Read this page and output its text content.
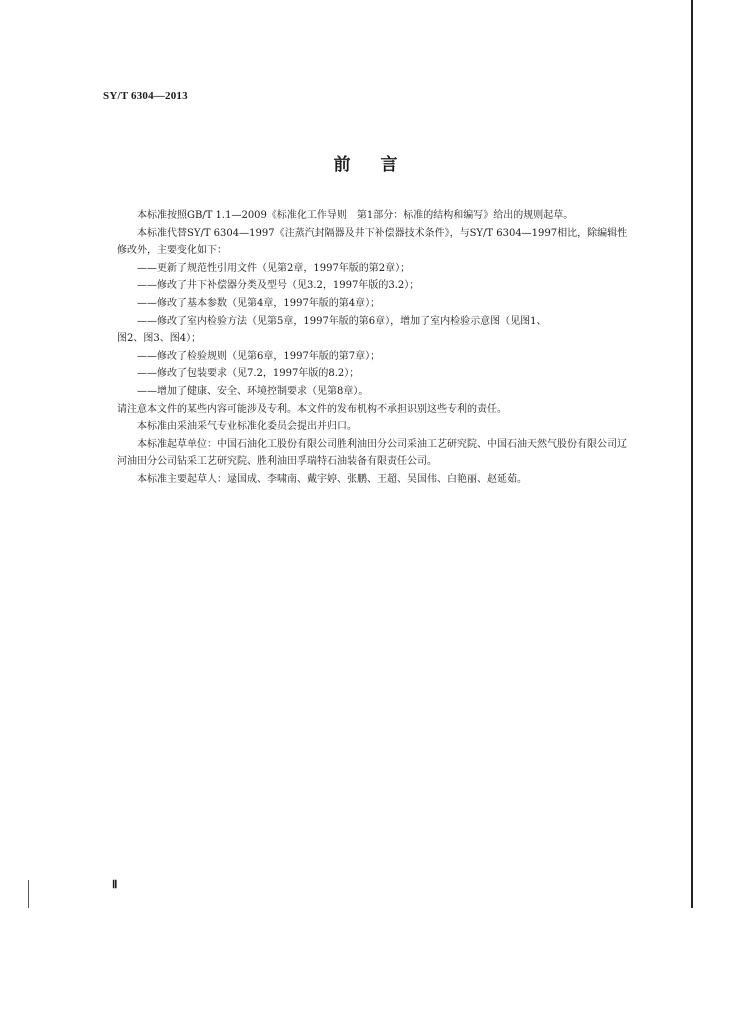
SY/T 6304—2013
前言

本标准按照GB/T 1.1—2009《标准化工作导则　第1部分：标准的结构和编写》给出的规则起草。

本标准代替SY/T 6304—1997《注蒸汽封隔器及井下补偿器技术条件》，与SY/T 6304—1997相比，除编辑性修改外，主要变化如下：

——更新了规范性引用文件（见第2章，1997年版的第2章）；

——修改了井下补偿器分类及型号（见3.2，1997年版的3.2）；

——修改了基本参数（见第4章，1997年版的第4章）；

——修改了室内检验方法（见第5章，1997年版的第6章），增加了室内检验示意图（见图1、

图2、图3、图4）；

——修改了检验规则（见第6章，1997年版的第7章）；

——修改了包装要求（见7.2，1997年版的8.2）；

——增加了健康、安全、环境控制要求（见第8章）。

请注意本文件的某些内容可能涉及专利。本文件的发布机构不承担识别这些专利的责任。

本标准由采油采气专业标准化委员会提出并归口。

本标准起草单位：中国石油化工股份有限公司胜利油田分公司采油工艺研究院、中国石油天然气股份有限公司辽河油田分公司钻采工艺研究院、胜利油田孚瑞特石油装备有限责任公司。

本标准主要起草人：逯国成、李啸南、戴宇婷、张鹏、王超、吴国伟、白艳丽、赵延茹。

Ⅱ
